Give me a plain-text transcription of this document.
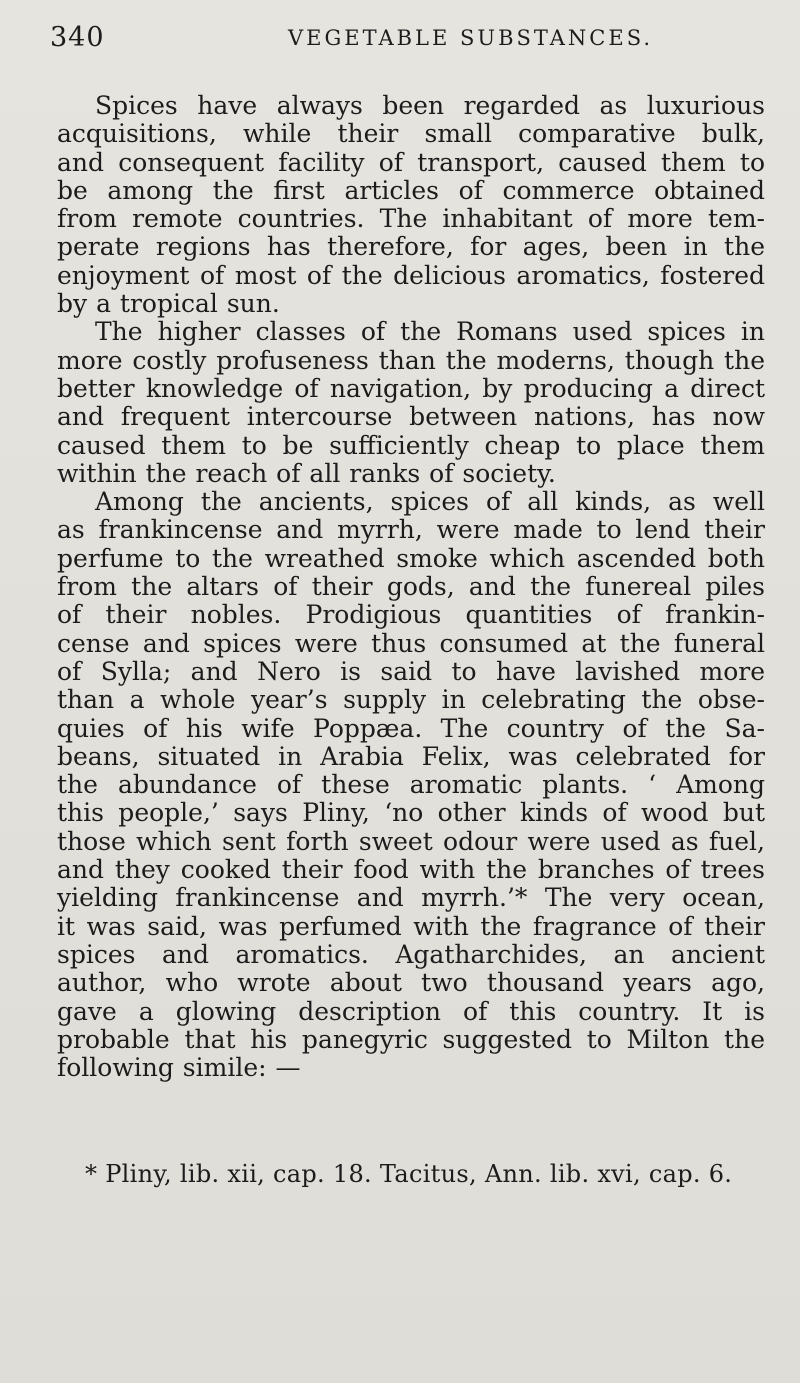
340	VEGETABLE SUBSTANCES.
Spices have always been regarded as luxurious
acquisitions, while their small comparative bulk,
and consequent facility of transport, caused them to
be among the first articles of commerce obtained
from remote countries. The inhabitant of more tem-
perate regions has therefore, for ages, been in the
enjoyment of most of the delicious aromatics, fostered
by a tropical sun.
The higher classes of the Romans used spices in
more costly profuseness than the moderns, though the
better knowledge of navigation, by producing a direct
and frequent intercourse between nations, has now
caused them to be sufficiently cheap to place them
within the reach of all ranks of society.
Among the ancients, spices of all kinds, as well
as frankincense and myrrh, were made to lend their
perfume to the wreathed smoke which ascended both
from the altars of their gods, and the funereal piles
of their nobles. Prodigious quantities of frankin-
cense and spices were thus consumed at the funeral
of Sylla; and Nero is said to have lavished more
than a whole year’s supply in celebrating the obse-
quies of his wife Poppæa. The country of the Sa-
beans, situated in Arabia Felix, was celebrated for
the abundance of these aromatic plants. ‘ Among
this people,’ says Pliny, ‘no other kinds of wood but
those which sent forth sweet odour were used as fuel,
and they cooked their food with the branches of trees
yielding frankincense and myrrh.’* The very ocean,
it was said, was perfumed with the fragrance of their
spices and aromatics. Agatharchides, an ancient
author, who wrote about two thousand years ago,
gave a glowing description of this country. It is
probable that his panegyric suggested to Milton the
following simile: —
* Pliny, lib. xii, cap. 18. Tacitus, Ann. lib. xvi, cap. 6.
